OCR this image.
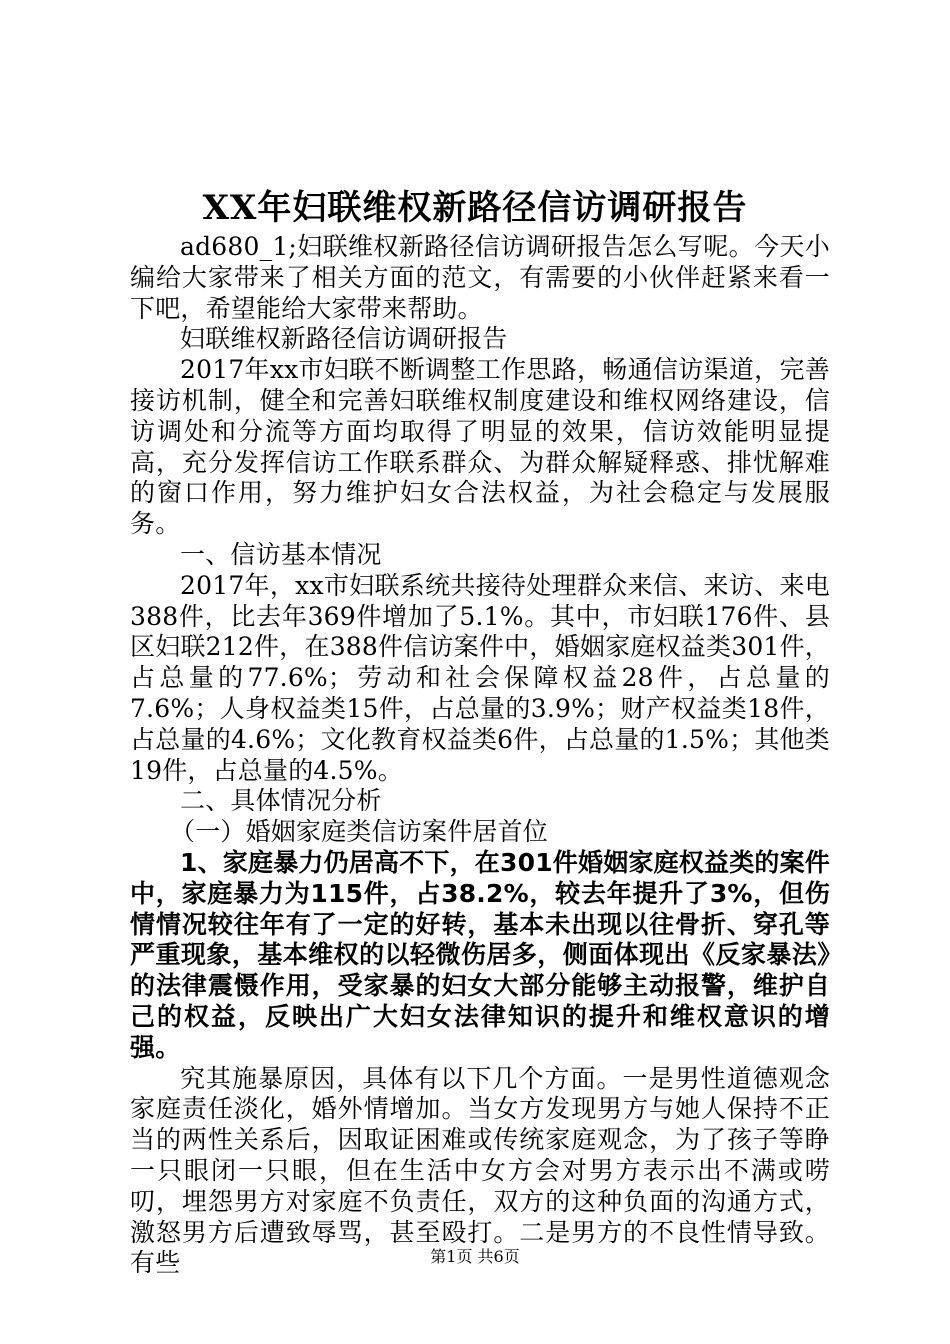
XX年妇联维权新路径信访调研报告

ad680_1;妇联维权新路径信访调研报告怎么写呢。今天小编给大家带来了相关方面的范文，有需要的小伙伴赶紧来看一下吧，希望能给大家带来帮助。

妇联维权新路径信访调研报告

2017年xx市妇联不断调整工作思路，畅通信访渠道，完善接访机制，健全和完善妇联维权制度建设和维权网络建设，信访调处和分流等方面均取得了明显的效果，信访效能明显提高，充分发挥信访工作联系群众、为群众解疑释惑、排忧解难的窗口作用，努力维护妇女合法权益，为社会稳定与发展服务。

一、信访基本情况

2017年，xx市妇联系统共接待处理群众来信、来访、来电388件，比去年369件增加了5.1%。其中，市妇联176件、县区妇联212件，在388件信访案件中，婚姻家庭权益类301件，占总量的77.6%；劳动和社会保障权益28件，占总量的7.6%；人身权益类15件，占总量的3.9%；财产权益类18件，占总量的4.6%；文化教育权益类6件，占总量的1.5%；其他类19件，占总量的4.5%。

二、具体情况分析

（一）婚姻家庭类信访案件居首位

1、家庭暴力仍居高不下，在301件婚姻家庭权益类的案件中，家庭暴力为115件，占38.2%，较去年提升了3%，但伤情情况较往年有了一定的好转，基本未出现以往骨折、穿孔等严重现象，基本维权的以轻微伤居多，侧面体现出《反家暴法》的法律震慑作用，受家暴的妇女大部分能够主动报警，维护自己的权益，反映出广大妇女法律知识的提升和维权意识的增强。

究其施暴原因，具体有以下几个方面。一是男性道德观念家庭责任淡化，婚外情增加。当女方发现男方与她人保持不正当的两性关系后，因取证困难或传统家庭观念，为了孩子等睁一只眼闭一只眼，但在生活中女方会对男方表示出不满或唠叨，埋怨男方对家庭不负责任，双方的这种负面的沟通方式，激怒男方后遭致辱骂，甚至殴打。二是男方的不良性情导致。有些	第1页 共6页
